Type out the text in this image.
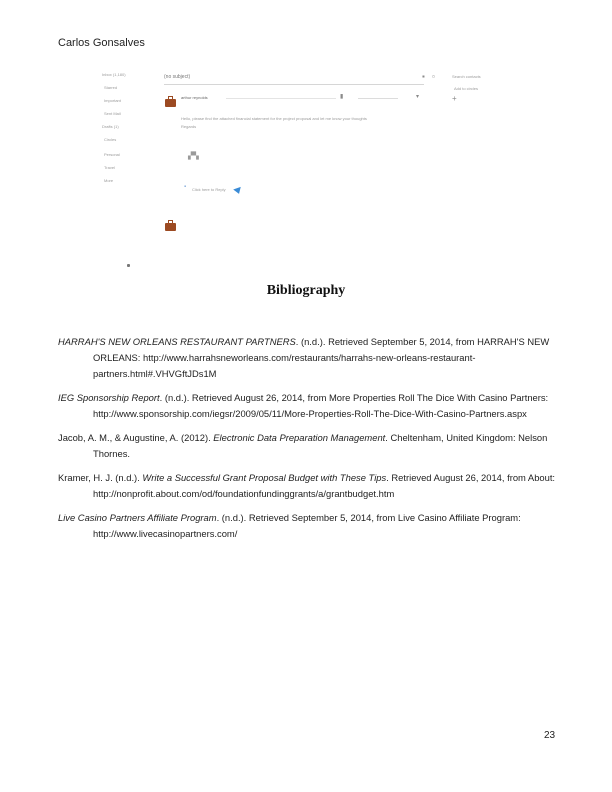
Carlos Gonsalves
Inbox (1,180)
Starred
Important
Sent Mail
Drafts (1)
Circles
Personal
Travel
More
(no subject)	▪ ▫	Search contacts
Add to circles
+
arthur reynolds	▮	▾
Hello, please find the attached financial statement for the project proposal and let me know your thoughts
Regards
▞▚
▪ Click here to Reply
Bibliography
HARRAH'S NEW ORLEANS RESTAURANT PARTNERS. (n.d.). Retrieved September 5, 2014, from HARRAH'S NEW ORLEANS: http://www.harrahsneworleans.com/restaurants/harrahs-new-orleans-restaurant-partners.html#.VHVGftJDs1M
IEG Sponsorship Report. (n.d.). Retrieved August 26, 2014, from More Properties Roll The Dice With Casino Partners: http://www.sponsorship.com/iegsr/2009/05/11/More-Properties-Roll-The-Dice-With-Casino-Partners.aspx
Jacob, A. M., & Augustine, A. (2012). Electronic Data Preparation Management. Cheltenham, United Kingdom: Nelson Thornes.
Kramer, H. J. (n.d.). Write a Successful Grant Proposal Budget with These Tips. Retrieved August 26, 2014, from About: http://nonprofit.about.com/od/foundationfundinggrants/a/grantbudget.htm
Live Casino Partners Affiliate Program. (n.d.). Retrieved September 5, 2014, from Live Casino Affiliate Program: http://www.livecasinopartners.com/
23
